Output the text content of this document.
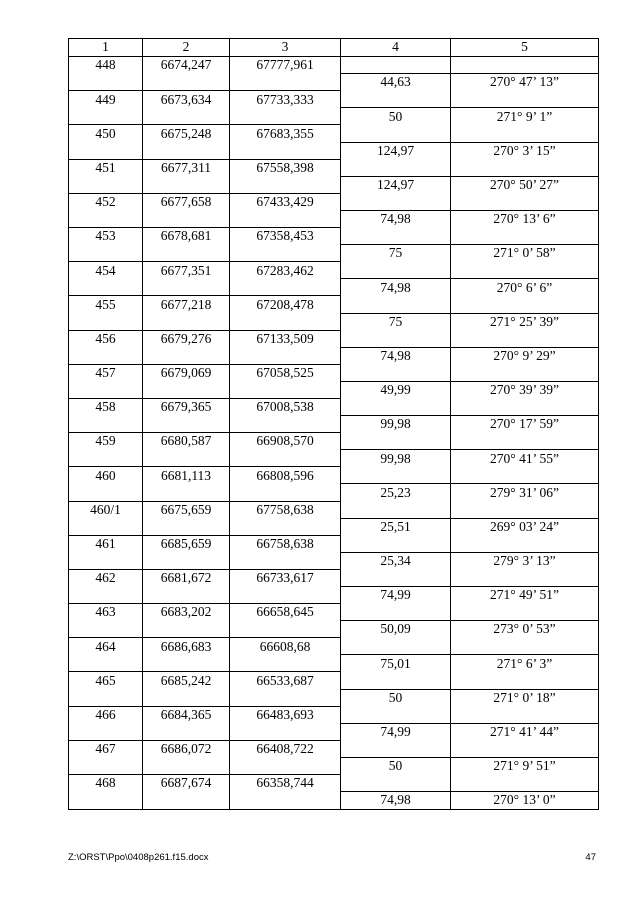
1	2	3	4	5
448	6674,247	67777,961		
			44,63	270° 47’ 13”
449	6673,634	67733,333		
			50	271° 9’ 1”
450	6675,248	67683,355		
			124,97	270° 3’ 15”
451	6677,311	67558,398		
			124,97	270° 50’ 27”
452	6677,658	67433,429		
			74,98	270° 13’ 6”
453	6678,681	67358,453		
			75	271° 0’ 58”
454	6677,351	67283,462		
			74,98	270° 6’ 6”
455	6677,218	67208,478		
			75	271° 25’ 39”
456	6679,276	67133,509		
			74,98	270° 9’ 29”
457	6679,069	67058,525		
			49,99	270° 39’ 39”
458	6679,365	67008,538		
			99,98	270° 17’ 59”
459	6680,587	66908,570		
			99,98	270° 41’ 55”
460	6681,113	66808,596		
			25,23	279° 31’ 06”
460/1	6675,659	67758,638		
			25,51	269° 03’ 24”
461	6685,659	66758,638		
			25,34	279° 3’ 13”
462	6681,672	66733,617		
			74,99	271° 49’ 51”
463	6683,202	66658,645		
			50,09	273° 0’ 53”
464	6686,683	66608,68		
			75,01	271° 6’ 3”
465	6685,242	66533,687		
			50	271° 0’ 18”
466	6684,365	66483,693		
			74,99	271° 41’ 44”
467	6686,072	66408,722		
			50	271° 9’ 51”
468	6687,674	66358,744		
			74,98	270° 13’ 0”
Z:\ORST\Ppo\0408p261.f15.docx	47
